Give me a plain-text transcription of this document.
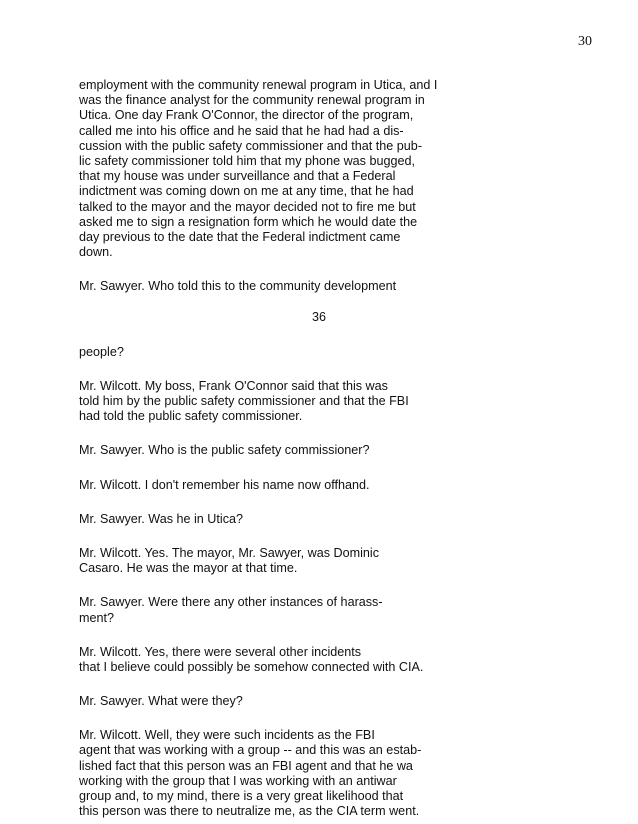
30
employment with the community renewal program in Utica, and I
was the finance analyst for the community renewal program in
Utica. One day Frank O'Connor, the director of the program,
called me into his office and he said that he had had a dis-
cussion with the public safety commissioner and that the pub-
lic safety commissioner told him that my phone was bugged,
that my house was under surveillance and that a Federal
indictment was coming down on me at any time, that he had
talked to the mayor and the mayor decided not to fire me but
asked me to sign a resignation form which he would date the
day previous to the date that the Federal indictment came
down.
Mr. Sawyer. Who told this to the community development
36
people?
Mr. Wilcott. My boss, Frank O'Connor said that this was
told him by the public safety commissioner and that the FBI
had told the public safety commissioner.
Mr. Sawyer. Who is the public safety commissioner?
Mr. Wilcott. I don't remember his name now offhand.
Mr. Sawyer. Was he in Utica?
Mr. Wilcott. Yes. The mayor, Mr. Sawyer, was Dominic
Casaro. He was the mayor at that time.
Mr. Sawyer. Were there any other instances of harass-
ment?
Mr. Wilcott. Yes, there were several other incidents
that I believe could possibly be somehow connected with CIA.
Mr. Sawyer. What were they?
Mr. Wilcott. Well, they were such incidents as the FBI
agent that was working with a group -- and this was an estab-
lished fact that this person was an FBI agent and that he wa
working with the group that I was working with an antiwar
group and, to my mind, there is a very great likelihood that
this person was there to neutralize me, as the CIA term went.
